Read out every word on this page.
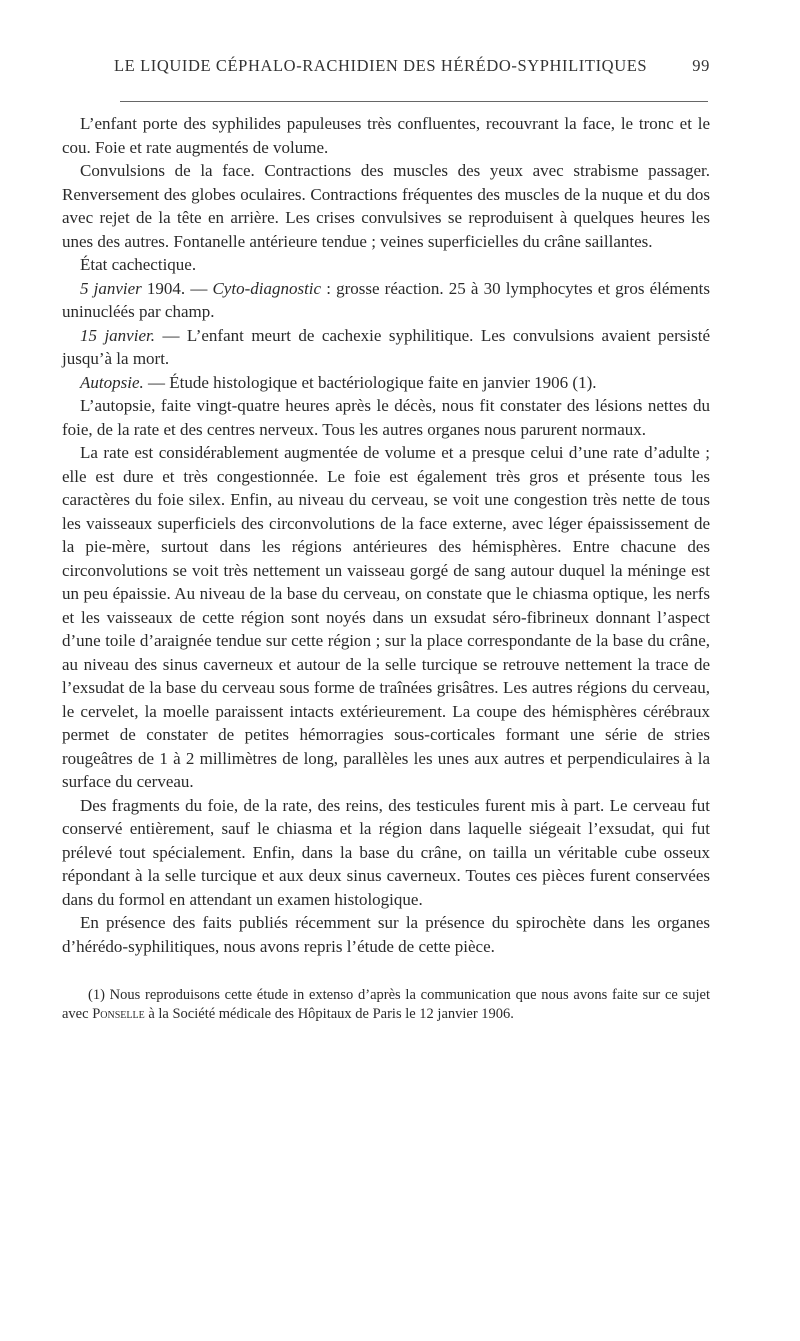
LE LIQUIDE CÉPHALO-RACHIDIEN DES HÉRÉDO-SYPHILITIQUES	99

L’enfant porte des syphilides papuleuses très confluentes, recouvrant la face, le tronc et le cou. Foie et rate augmentés de volume.

Convulsions de la face. Contractions des muscles des yeux avec strabisme passager. Renversement des globes oculaires. Contractions fréquentes des muscles de la nuque et du dos avec rejet de la tête en arrière. Les crises convulsives se reproduisent à quelques heures les unes des autres. Fontanelle antérieure tendue ; veines superficielles du crâne saillantes.

État cachectique.

5 janvier 1904. — Cyto-diagnostic : grosse réaction. 25 à 30 lymphocytes et gros éléments uninucléés par champ.

15 janvier. — L’enfant meurt de cachexie syphilitique. Les convulsions avaient persisté jusqu’à la mort.

Autopsie. — Étude histologique et bactériologique faite en janvier 1906 (1).

L’autopsie, faite vingt-quatre heures après le décès, nous fit constater des lésions nettes du foie, de la rate et des centres nerveux. Tous les autres organes nous parurent normaux.

La rate est considérablement augmentée de volume et a presque celui d’une rate d’adulte ; elle est dure et très congestionnée. Le foie est également très gros et présente tous les caractères du foie silex. Enfin, au niveau du cerveau, se voit une congestion très nette de tous les vaisseaux superficiels des circonvolutions de la face externe, avec léger épaississement de la pie-mère, surtout dans les régions antérieures des hémisphères. Entre chacune des circonvolutions se voit très nettement un vaisseau gorgé de sang autour duquel la méninge est un peu épaissie. Au niveau de la base du cerveau, on constate que le chiasma optique, les nerfs et les vaisseaux de cette région sont noyés dans un exsudat séro-fibrineux donnant l’aspect d’une toile d’araignée tendue sur cette région ; sur la place correspondante de la base du crâne, au niveau des sinus caverneux et autour de la selle turcique se retrouve nettement la trace de l’exsudat de la base du cerveau sous forme de traînées grisâtres. Les autres régions du cerveau, le cervelet, la moelle paraissent intacts extérieurement. La coupe des hémisphères cérébraux permet de constater de petites hémorragies sous-corticales formant une série de stries rougeâtres de 1 à 2 millimètres de long, parallèles les unes aux autres et perpendiculaires à la surface du cerveau.

Des fragments du foie, de la rate, des reins, des testicules furent mis à part. Le cerveau fut conservé entièrement, sauf le chiasma et la région dans laquelle siégeait l’exsudat, qui fut prélevé tout spécialement. Enfin, dans la base du crâne, on tailla un véritable cube osseux répondant à la selle turcique et aux deux sinus caverneux. Toutes ces pièces furent conservées dans du formol en attendant un examen histologique.

En présence des faits publiés récemment sur la présence du spirochète dans les organes d’hérédo-syphilitiques, nous avons repris l’étude de cette pièce.

(1) Nous reproduisons cette étude in extenso d’après la communication que nous avons faite sur ce sujet avec Ponselle à la Société médicale des Hôpitaux de Paris le 12 janvier 1906.
